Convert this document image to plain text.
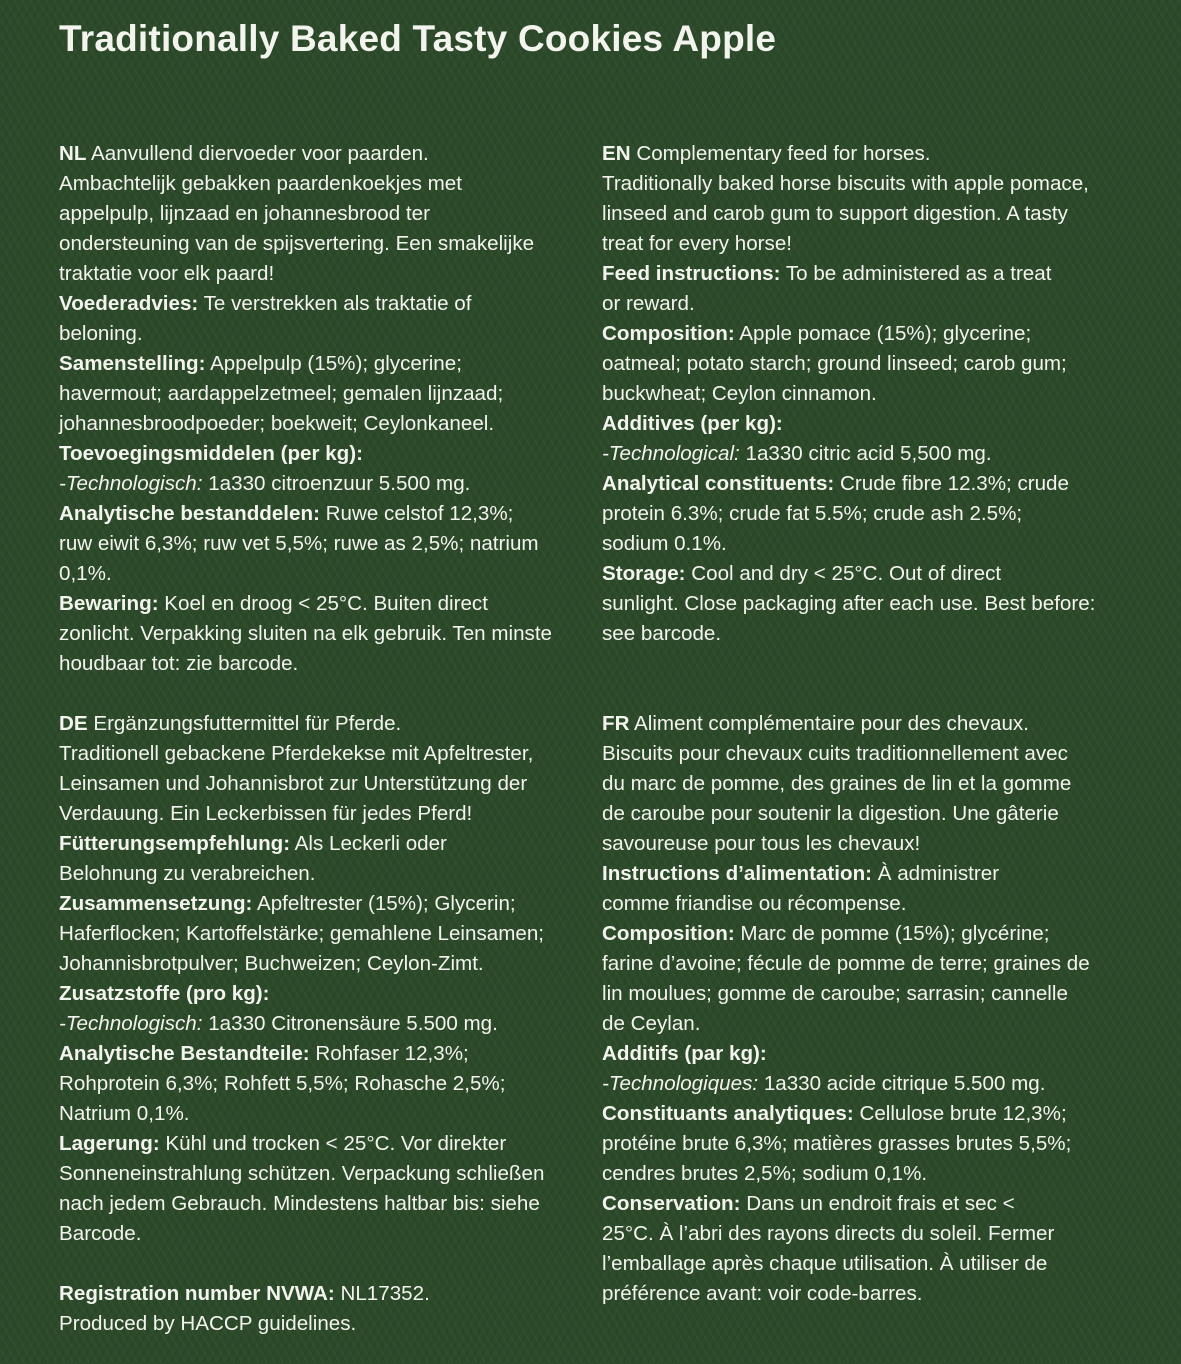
Traditionally Baked Tasty Cookies Apple

NL Aanvullend diervoeder voor paarden.
Ambachtelijk gebakken paardenkoekjes met
appelpulp, lijnzaad en johannesbrood ter
ondersteuning van de spijsvertering. Een smakelijke
traktatie voor elk paard!

Voederadvies: Te verstrekken als traktatie of
beloning.

Samenstelling: Appelpulp (15%); glycerine;
havermout; aardappelzetmeel; gemalen lijnzaad;
johannesbroodpoeder; boekweit; Ceylonkaneel.

Toevoegingsmiddelen (per kg):

-Technologisch: 1a330 citroenzuur 5.500 mg.

Analytische bestanddelen: Ruwe celstof 12,3%;
ruw eiwit 6,3%; ruw vet 5,5%; ruwe as 2,5%; natrium
0,1%.

Bewaring: Koel en droog < 25°C. Buiten direct
zonlicht. Verpakking sluiten na elk gebruik. Ten minste
houdbaar tot: zie barcode.

EN Complementary feed for horses.
Traditionally baked horse biscuits with apple pomace,
linseed and carob gum to support digestion. A tasty
treat for every horse!

Feed instructions: To be administered as a treat
or reward.

Composition: Apple pomace (15%); glycerine;
oatmeal; potato starch; ground linseed; carob gum;
buckwheat; Ceylon cinnamon.

Additives (per kg):

-Technological: 1a330 citric acid 5,500 mg.

Analytical constituents: Crude fibre 12.3%; crude
protein 6.3%; crude fat 5.5%; crude ash 2.5%;
sodium 0.1%.

Storage: Cool and dry < 25°C. Out of direct
sunlight. Close packaging after each use. Best before:
see barcode.

DE Ergänzungsfuttermittel für Pferde.
Traditionell gebackene Pferdekekse mit Apfeltrester,
Leinsamen und Johannisbrot zur Unterstützung der
Verdauung. Ein Leckerbissen für jedes Pferd!

Fütterungsempfehlung: Als Leckerli oder
Belohnung zu verabreichen.

Zusammensetzung: Apfeltrester (15%); Glycerin;
Haferflocken; Kartoffelstärke; gemahlene Leinsamen;
Johannisbrotpulver; Buchweizen; Ceylon-Zimt.

Zusatzstoffe (pro kg):

-Technologisch: 1a330 Citronensäure 5.500 mg.

Analytische Bestandteile: Rohfaser 12,3%;
Rohprotein 6,3%; Rohfett 5,5%; Rohasche 2,5%;
Natrium 0,1%.

Lagerung: Kühl und trocken < 25°C. Vor direkter
Sonneneinstrahlung schützen. Verpackung schließen
nach jedem Gebrauch. Mindestens haltbar bis: siehe
Barcode.

Registration number NVWA: NL17352.
Produced by HACCP guidelines.

FR Aliment complémentaire pour des chevaux.
Biscuits pour chevaux cuits traditionnellement avec
du marc de pomme, des graines de lin et la gomme
de caroube pour soutenir la digestion. Une gâterie
savoureuse pour tous les chevaux!

Instructions d’alimentation: À administrer
comme friandise ou récompense.

Composition: Marc de pomme (15%); glycérine;
farine d’avoine; fécule de pomme de terre; graines de
lin moulues; gomme de caroube; sarrasin; cannelle
de Ceylan.

Additifs (par kg):

-Technologiques: 1a330 acide citrique 5.500 mg.

Constituants analytiques: Cellulose brute 12,3%;
protéine brute 6,3%; matières grasses brutes 5,5%;
cendres brutes 2,5%; sodium 0,1%.

Conservation: Dans un endroit frais et sec <
25°C. À l’abri des rayons directs du soleil. Fermer
l’emballage après chaque utilisation. À utiliser de
préférence avant: voir code-barres.
